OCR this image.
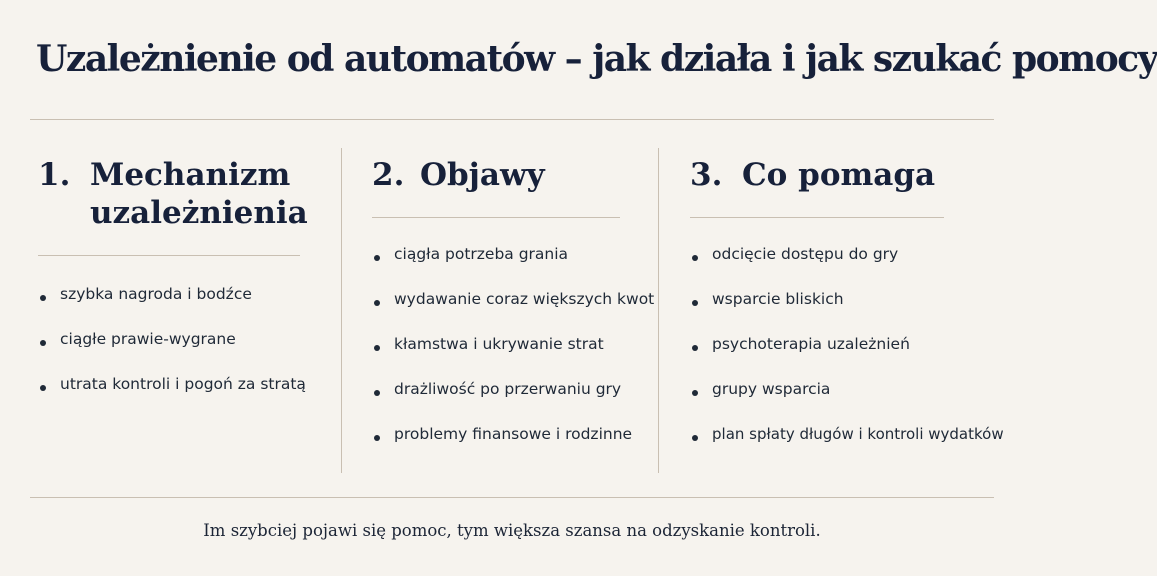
Uzależnienie od automatów – jak działa i jak szukać pomocy
1. Mechanizm uzależnienia
szybka nagroda i bodźce
ciągłe prawie-wygrane
utrata kontroli i pogoń za stratą
2. Objawy
ciągła potrzeba grania
wydawanie coraz większych kwot
kłamstwa i ukrywanie strat
drażliwość po przerwaniu gry
problemy finansowe i rodzinne
3. Co pomaga
odcięcie dostępu do gry
wsparcie bliskich
psychoterapia uzależnień
grupy wsparcia
plan spłaty długów i kontroli wydatków
Im szybciej pojawi się pomoc, tym większa szansa na odzyskanie kontroli.
